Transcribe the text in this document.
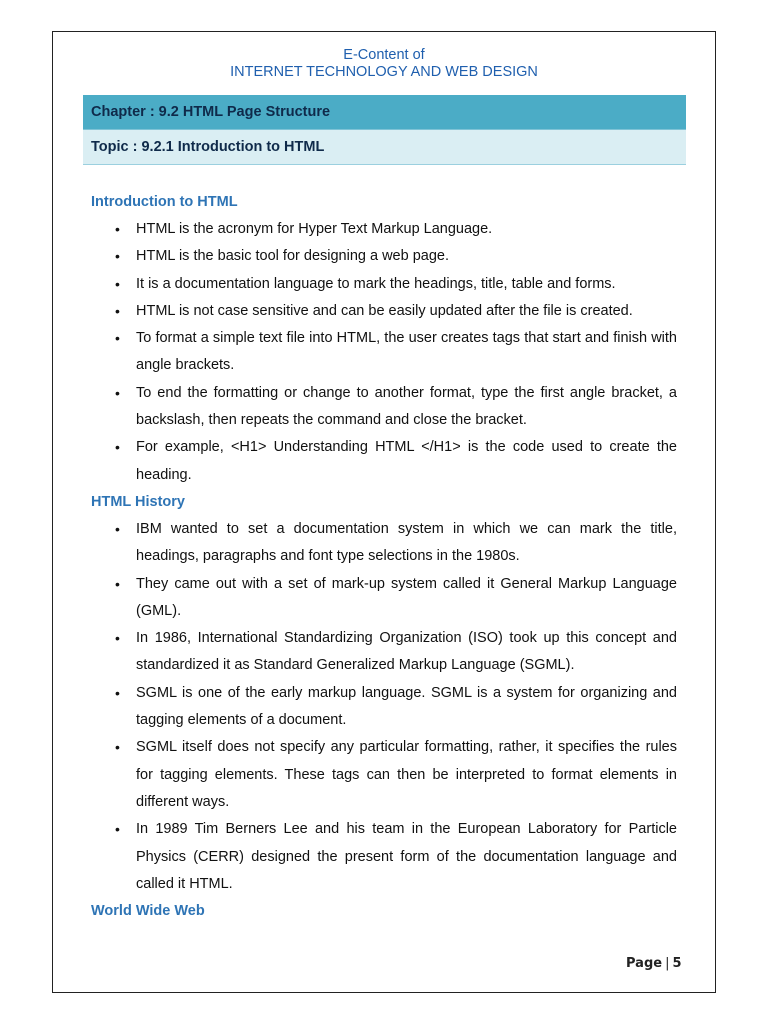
E-Content of
INTERNET TECHNOLOGY AND WEB DESIGN
Chapter : 9.2 HTML Page Structure
Topic : 9.2.1 Introduction to HTML
Introduction to HTML
• HTML is the acronym for Hyper Text Markup Language.
• HTML is the basic tool for designing a web page.
• It is a documentation language to mark the headings, title, table and forms.
• HTML is not case sensitive and can be easily updated after the file is created.
• To format a simple text file into HTML, the user creates tags that start and finish with angle brackets.
• To end the formatting or change to another format, type the first angle bracket, a backslash, then repeats the command and close the bracket.
• For example, <H1> Understanding HTML </H1> is the code used to create the heading.
HTML History
• IBM wanted to set a documentation system in which we can mark the title, headings, paragraphs and font type selections in the 1980s.
• They came out with a set of mark-up system called it General Markup Language (GML).
• In 1986, International Standardizing Organization (ISO) took up this concept and standardized it as Standard Generalized Markup Language (SGML).
• SGML is one of the early markup language. SGML is a system for organizing and tagging elements of a document.
• SGML itself does not specify any particular formatting, rather, it specifies the rules for tagging elements. These tags can then be interpreted to format elements in different ways.
• In 1989 Tim Berners Lee and his team in the European Laboratory for Particle Physics (CERR) designed the present form of the documentation language and called it HTML.
World Wide Web
Page | 5
